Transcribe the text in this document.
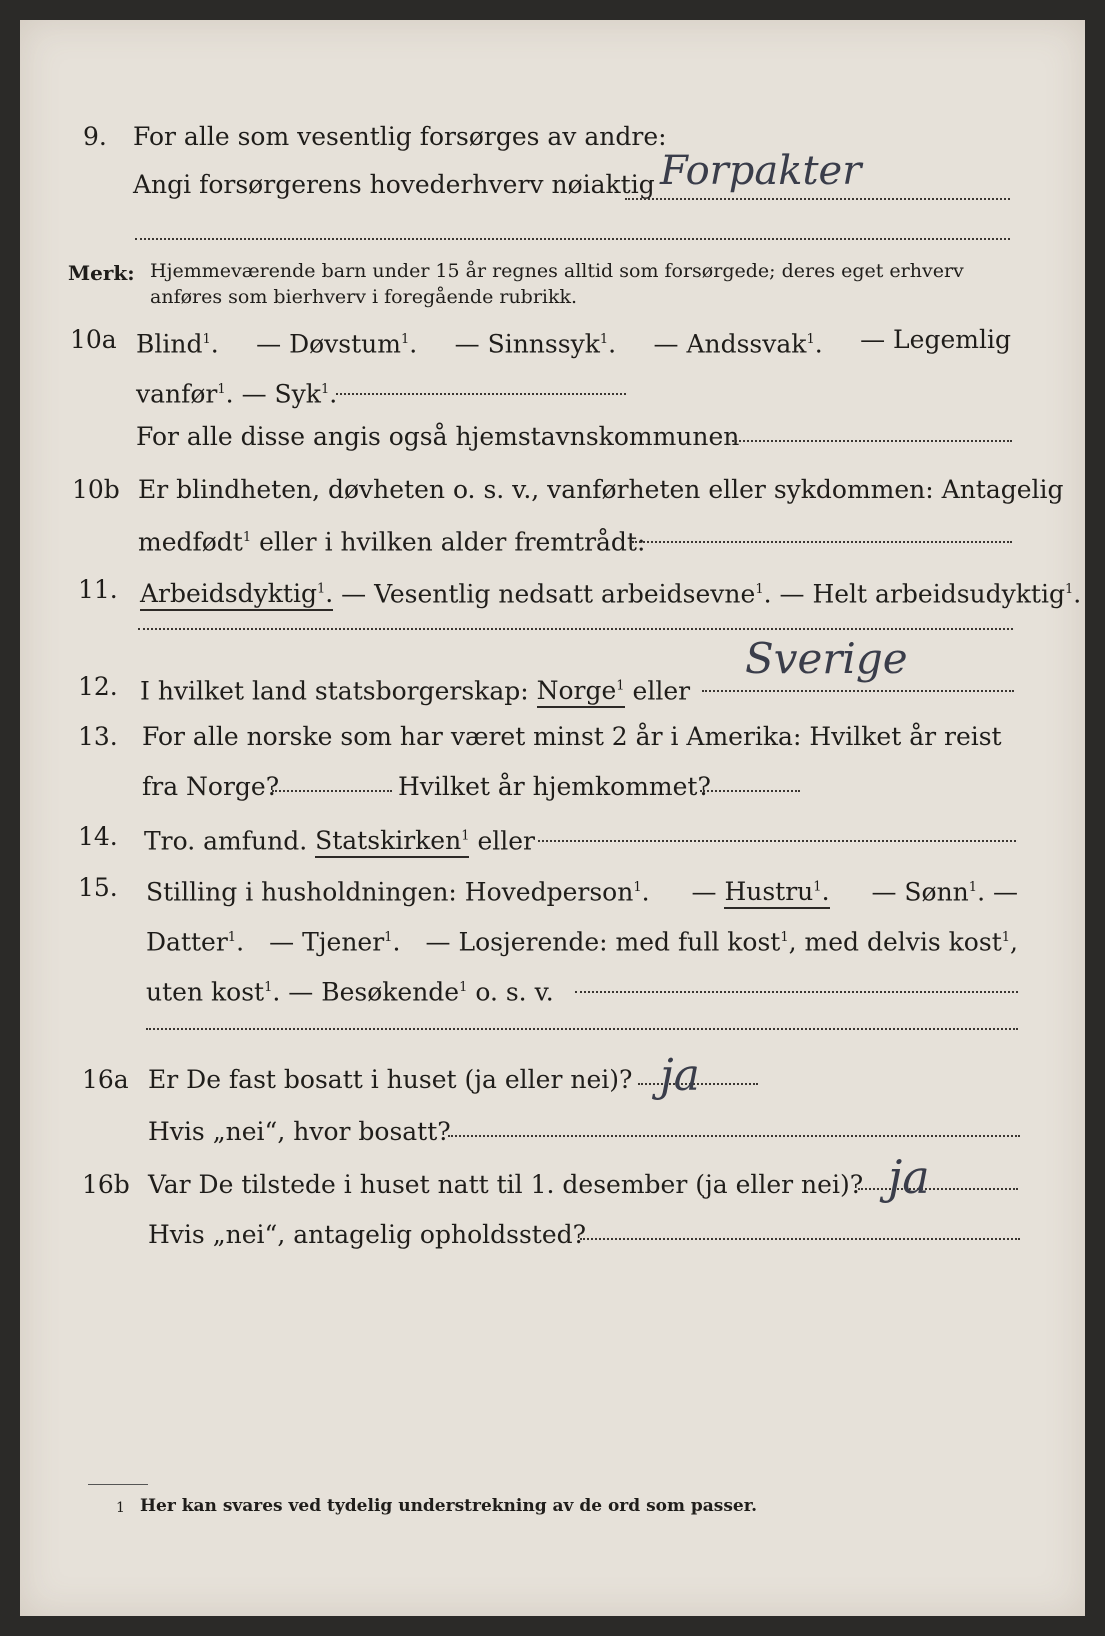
9. For alle som vesentlig forsørges av andre:
Angi forsørgerens hovederhverv nøiaktig Forpakter
Merk: Hjemmeværende barn under 15 år regnes alltid som forsørgede; deres eget erhverv
anføres som bierhverv i foregående rubrikk.
10a Blind$^1$. — Døvstum$^1$. — Sinnssyk$^1$. — Andssvak$^1$. — Legemlig
vanfør$^1$. — Syk$^1$.
For alle disse angis også hjemstavnskommunen
10b Er blindheten, døvheten o. s. v., vanførheten eller sykdommen: Antagelig
medfødt$^1$ eller i hvilken alder fremtrådt:
11. Arbeidsdyktig$^1$. — Vesentlig nedsatt arbeidsevne$^1$. — Helt arbeidsudyktig$^1$.
12. I hvilket land statsborgerskap: Norge$^1$ eller
Sverige
13. For alle norske som har været minst 2 år i Amerika: Hvilket år reist
fra Norge?	Hvilket år hjemkommet?
14. Tro. amfund. Statskirken$^1$ eller
15. Stilling i husholdningen: Hovedperson$^1$. — Hustru$^1$. — Sønn$^1$. —
Datter$^1$. — Tjener$^1$. — Losjerende: med full kost$^1$, med delvis kost$^1$,
uten kost$^1$. — Besøkende$^1$ o. s. v.
16a Er De fast bosatt i huset (ja eller nei)? ja
Hvis „nei“, hvor bosatt?
16b Var De tilstede i huset natt til 1. desember (ja eller nei)? ja
Hvis „nei“, antagelig opholdssted?
1 Her kan svares ved tydelig understrekning av de ord som passer.
